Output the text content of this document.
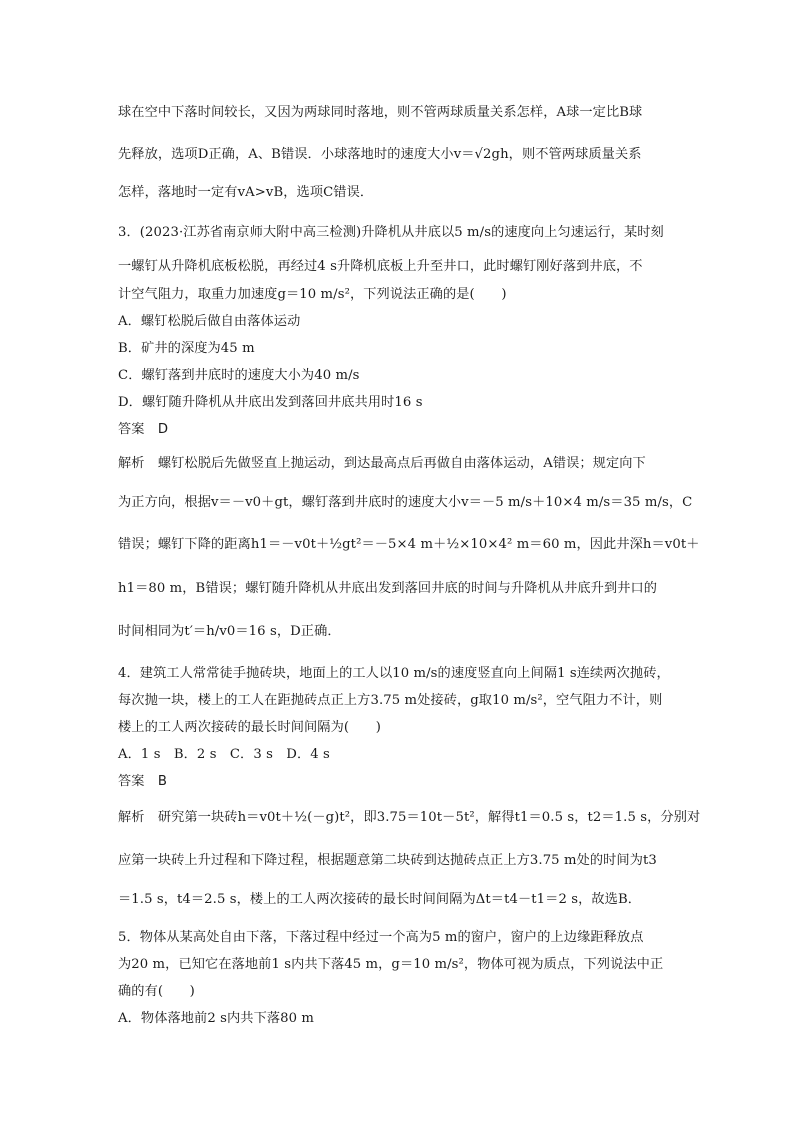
球在空中下落时间较长，又因为两球同时落地，则不管两球质量关系怎样，A球一定比B球
先释放，选项D正确，A、B错误．小球落地时的速度大小v＝√2gh，则不管两球质量关系
怎样，落地时一定有vA>vB，选项C错误．
3．(2023·江苏省南京师大附中高三检测)升降机从井底以5 m/s的速度向上匀速运行，某时刻
一螺钉从升降机底板松脱，再经过4 s升降机底板上升至井口，此时螺钉刚好落到井底，不
计空气阻力，取重力加速度g＝10 m/s²，下列说法正确的是(　　)
A．螺钉松脱后做自由落体运动
B．矿井的深度为45 m
C．螺钉落到井底时的速度大小为40 m/s
D．螺钉随升降机从井底出发到落回井底共用时16 s
答案　D
解析　螺钉松脱后先做竖直上抛运动，到达最高点后再做自由落体运动，A错误；规定向下
为正方向，根据v＝－v0＋gt，螺钉落到井底时的速度大小v＝－5 m/s＋10×4 m/s＝35 m/s，C
错误；螺钉下降的距离h1＝－v0t＋½gt²＝－5×4 m＋½×10×4² m＝60 m，因此井深h＝v0t＋
h1＝80 m，B错误；螺钉随升降机从井底出发到落回井底的时间与升降机从井底升到井口的
时间相同为t′＝h/v0＝16 s，D正确．
4．建筑工人常常徒手抛砖块，地面上的工人以10 m/s的速度竖直向上间隔1 s连续两次抛砖，
每次抛一块，楼上的工人在距抛砖点正上方3.75 m处接砖，g取10 m/s²，空气阻力不计，则
楼上的工人两次接砖的最长时间间隔为(　　)
A．1 s　B．2 s　C．3 s　D．4 s
答案　B
解析　研究第一块砖h＝v0t＋½(－g)t²，即3.75＝10t－5t²，解得t1＝0.5 s，t2＝1.5 s，分别对
应第一块砖上升过程和下降过程，根据题意第二块砖到达抛砖点正上方3.75 m处的时间为t3
＝1.5 s，t4＝2.5 s，楼上的工人两次接砖的最长时间间隔为Δt＝t4－t1＝2 s，故选B．
5．物体从某高处自由下落，下落过程中经过一个高为5 m的窗户，窗户的上边缘距释放点
为20 m，已知它在落地前1 s内共下落45 m，g＝10 m/s²，物体可视为质点，下列说法中正
确的有(　　)
A．物体落地前2 s内共下落80 m
